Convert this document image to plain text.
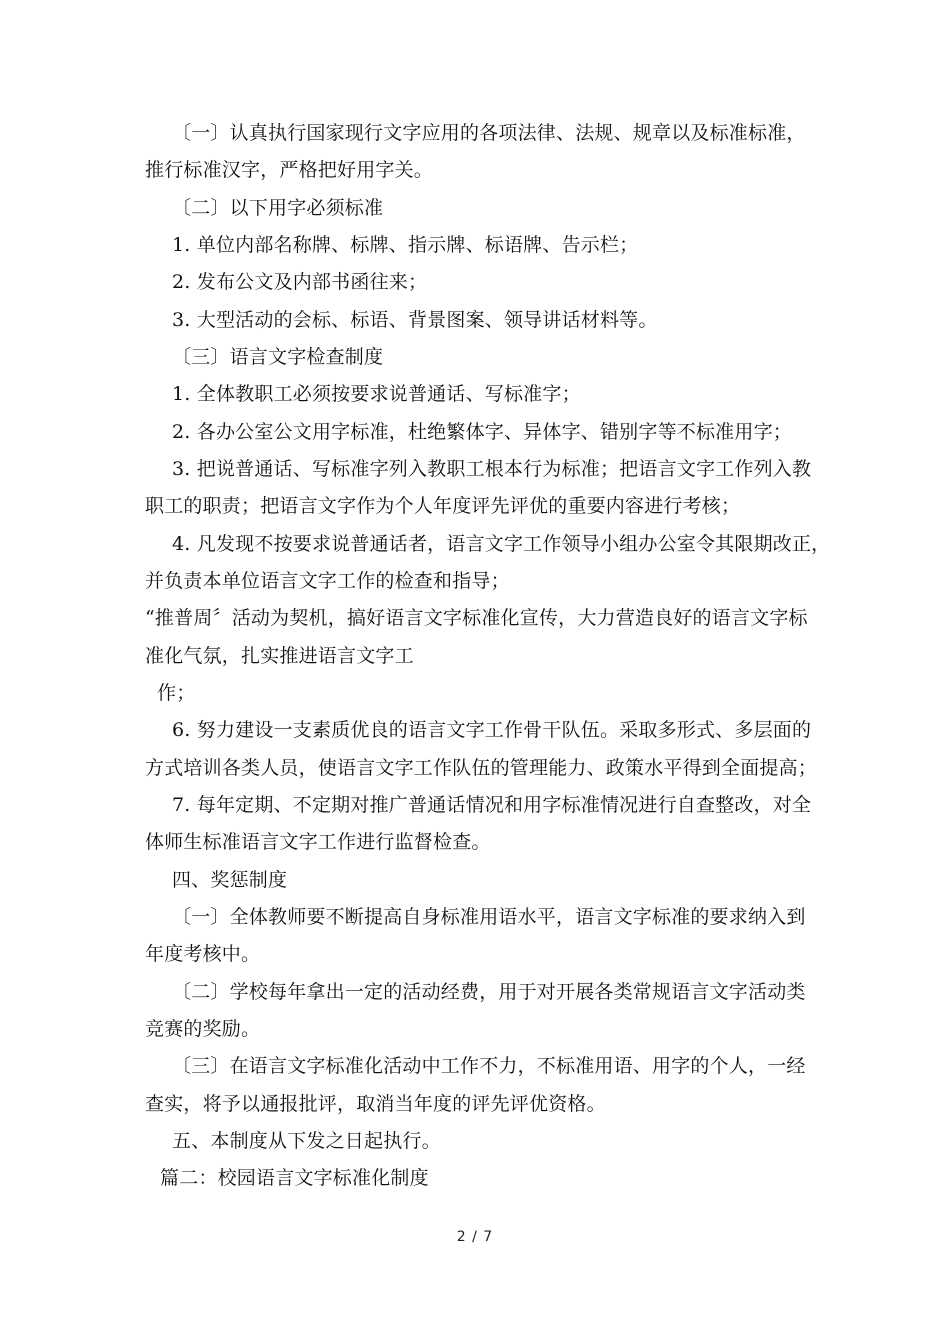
〔一〕认真执行国家现行文字应用的各项法律、法规、规章以及标准标准，
推行标准汉字，严格把好用字关。
〔二〕以下用字必须标准
1. 单位内部名称牌、标牌、指示牌、标语牌、告示栏；
2. 发布公文及内部书函往来；
3. 大型活动的会标、标语、背景图案、领导讲话材料等。
〔三〕语言文字检查制度
1. 全体教职工必须按要求说普通话、写标准字；
2. 各办公室公文用字标准，杜绝繁体字、异体字、错别字等不标准用字；
3. 把说普通话、写标准字列入教职工根本行为标准；把语言文字工作列入教
职工的职责；把语言文字作为个人年度评先评优的重要内容进行考核；
4. 凡发现不按要求说普通话者，语言文字工作领导小组办公室令其限期改正，
并负责本单位语言文字工作的检查和指导；
“推普周〞活动为契机，搞好语言文字标准化宣传，大力营造良好的语言文字标
准化气氛，扎实推进语言文字工
作；
6. 努力建设一支素质优良的语言文字工作骨干队伍。采取多形式、多层面的
方式培训各类人员，使语言文字工作队伍的管理能力、政策水平得到全面提高；
7. 每年定期、不定期对推广普通话情况和用字标准情况进行自查整改，对全
体师生标准语言文字工作进行监督检查。
四、奖惩制度
〔一〕全体教师要不断提高自身标准用语水平，语言文字标准的要求纳入到
年度考核中。
〔二〕学校每年拿出一定的活动经费，用于对开展各类常规语言文字活动类
竞赛的奖励。
〔三〕在语言文字标准化活动中工作不力，不标准用语、用字的个人，一经
查实，将予以通报批评，取消当年度的评先评优资格。
五、本制度从下发之日起执行。
篇二：校园语言文字标准化制度
2 / 7
